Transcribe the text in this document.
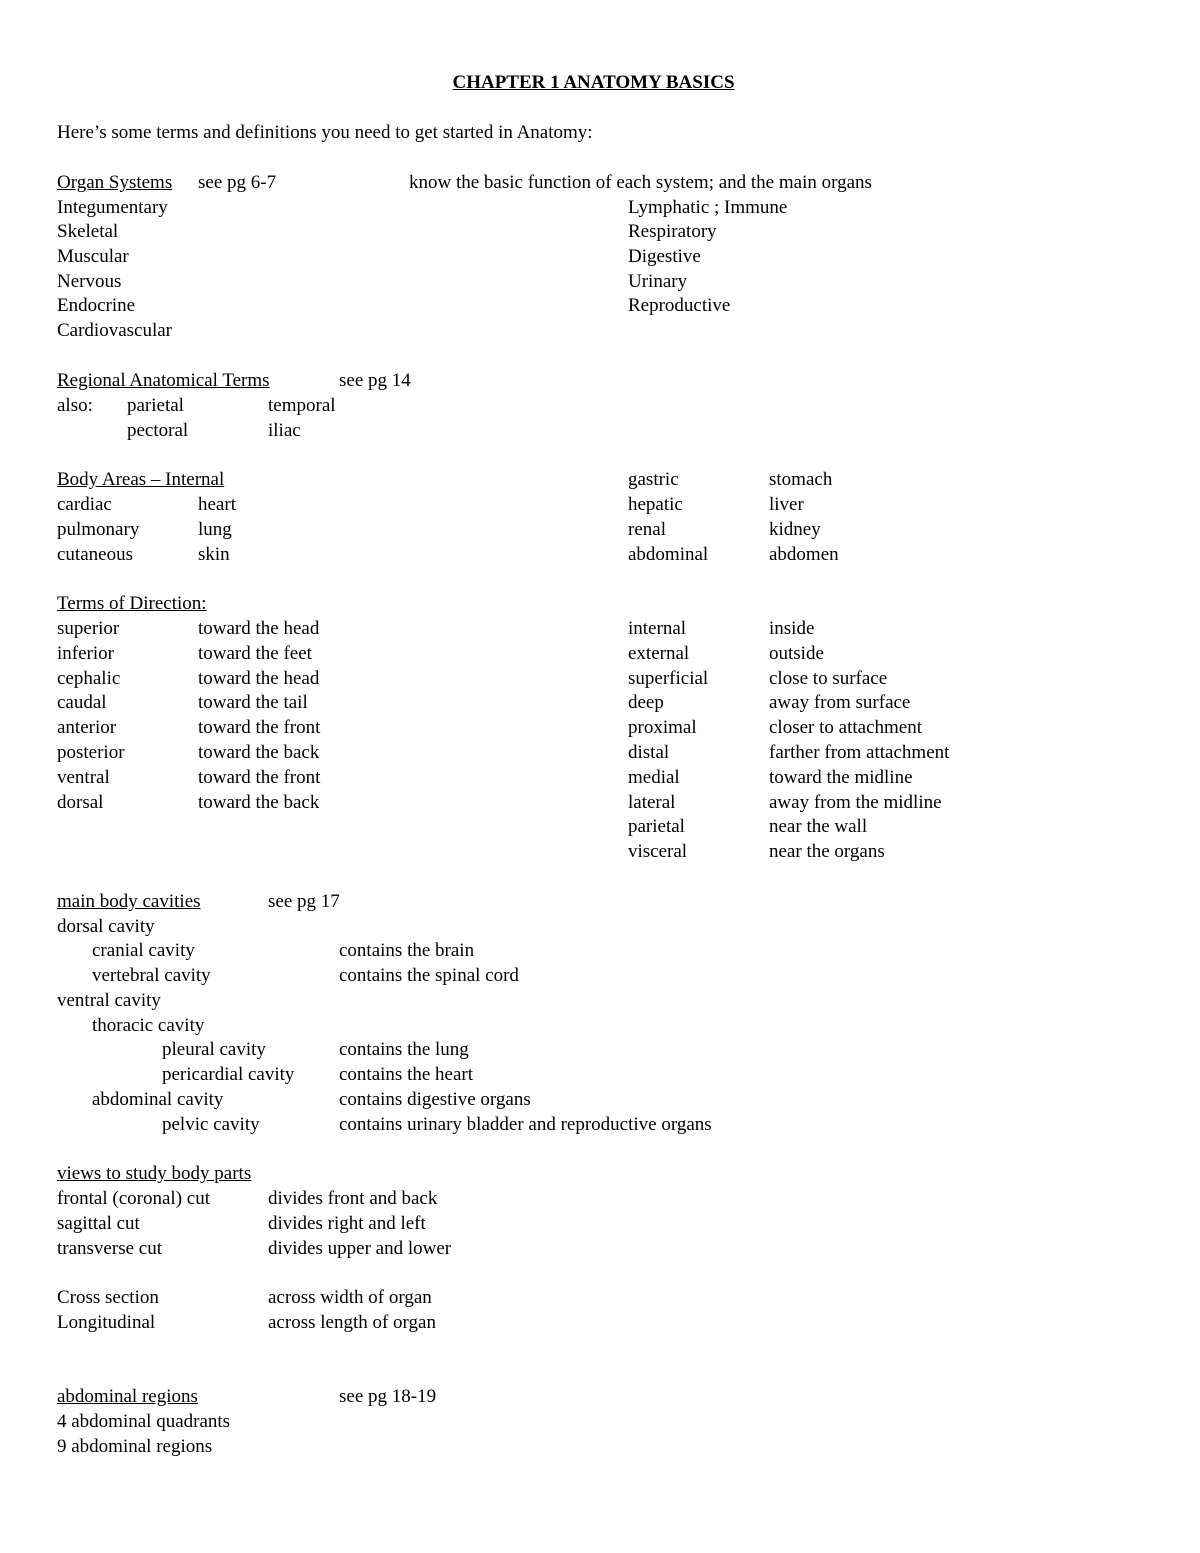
CHAPTER 1 ANATOMY BASICS
Here’s some terms and definitions you need to get started in Anatomy:
Organ Systems see pg 6-7	know the basic function of each system; and the main organs
Integumentary
Skeletal
Muscular
Nervous
Endocrine
Cardiovascular
Lymphatic ; Immune
Respiratory
Digestive
Urinary
Reproductive
Regional Anatomical Terms	see pg 14
also: parietal	temporal
pectoral	iliac
Body Areas – Internal
cardiac	heart
pulmonary	lung
cutaneous	skin
gastric	stomach
hepatic	liver
renal	kidney
abdominal	abdomen
Terms of Direction:
superior	toward the head
inferior	toward the feet
cephalic	toward the head
caudal	toward the tail
anterior	toward the front
posterior	toward the back
ventral	toward the front
dorsal	toward the back
internal	inside
external	outside
superficial	close to surface
deep	away from surface
proximal	closer to attachment
distal	farther from attachment
medial	toward the midline
lateral	away from the midline
parietal	near the wall
visceral	near the organs
main body cavities	see pg 17
dorsal cavity
cranial cavity	contains the brain
vertebral cavity	contains the spinal cord
ventral cavity
thoracic cavity
pleural cavity	contains the lung
pericardial cavity contains the heart
abdominal cavity	contains digestive organs
pelvic cavity	contains urinary bladder and reproductive organs
views to study body parts
frontal (coronal) cut	divides front and back
sagittal cut	divides right and left
transverse cut	divides upper and lower
Cross section	across width of organ
Longitudinal	across length of organ
abdominal regions	see pg 18-19
4 abdominal quadrants
9 abdominal regions
